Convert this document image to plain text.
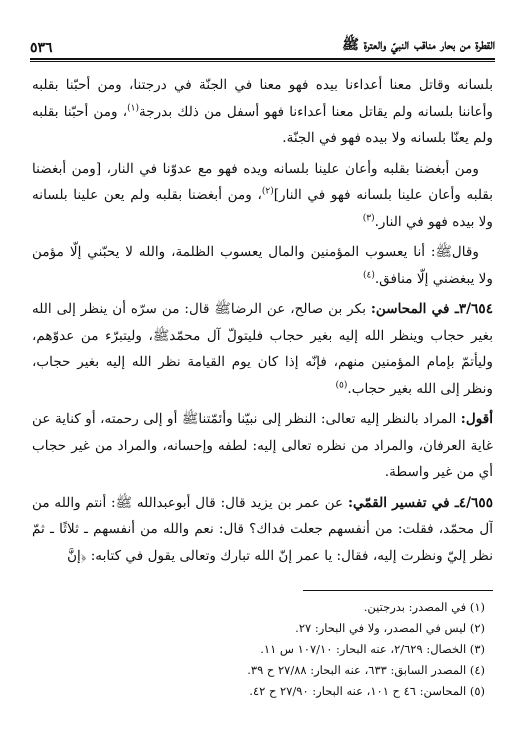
القطرة من بحار مناقب النبيّ والعترة ﷺ
٥٣٦

بلسانه وقاتل معنا أعداءنا بيده فهو معنا في الجنّة في درجتنا، ومن أحبّنا بقلبه وأعاننا بلسانه ولم يقاتل معنا أعداءنا فهو أسفل من ذلك بدرجة$^{(١)}$، ومن أحبّنا بقلبه ولم يعنّا بلسانه ولا بيده فهو في الجنّة.

ومن أبغضنا بقلبه وأعان علينا بلسانه ويده فهو مع عدوّنا في النار، [ومن أبغضنا بقلبه وأعان علينا بلسانه فهو في النار]$^{(٢)}$، ومن أبغضنا بقلبه ولم يعن علينا بلسانه ولا بيده فهو في النار.$^{(٣)}$

وقالﷺ: أنا يعسوب المؤمنين والمال يعسوب الظلمة، والله لا يحبّني إلّا مؤمن ولا يبغضني إلّا منافق.$^{(٤)}$

٣/٦٥٤ـ في المحاسن: بكر بن صالح، عن الرضاﷺ قال: من سرّه أن ينظر إلى الله بغير حجاب وينظر الله إليه بغير حجاب فليتولّ آل محمّدﷺ، وليتبرّء من عدوّهم، وليأتمّ بإمام المؤمنين منهم، فإنّه إذا كان يوم القيامة نظر الله إليه بغير حجاب، ونظر إلى الله بغير حجاب.$^{(٥)}$

أقول: المراد بالنظر إليه تعالى: النظر إلى نبيّنا وأئمّتناﷺ أو إلى رحمته، أو كناية عن غاية العرفان، والمراد من نظره تعالى إليه: لطفه وإحسانه، والمراد من غير حجاب أي من غير واسطة.

٤/٦٥٥ـ في تفسير القمّي: عن عمر بن يزيد قال: قال أبوعبدالله ﷺ: أنتم والله من آل محمّد، فقلت: من أنفسهم جعلت فداك؟ قال: نعم والله من أنفسهم ـ ثلاثًا ـ ثمّ نظر إليّ ونظرت إليه، فقال: يا عمر إنّ الله تبارك وتعالى يقول في كتابه: ﴿إنَّ

(١) في المصدر: بدرجتين.
(٢) ليس في المصدر، ولا في البحار: ٢٧.
(٣) الخصال: ٢/٦٢٩، عنه البحار: ١٠٧/١٠ س ١١.
(٤) المصدر السابق: ٦٣٣، عنه البحار: ٢٧/٨٨ ح ٣٩.
(٥) المحاسن: ٤٦ ح ١٠١، عنه البحار: ٢٧/٩٠ ح ٤٢.
